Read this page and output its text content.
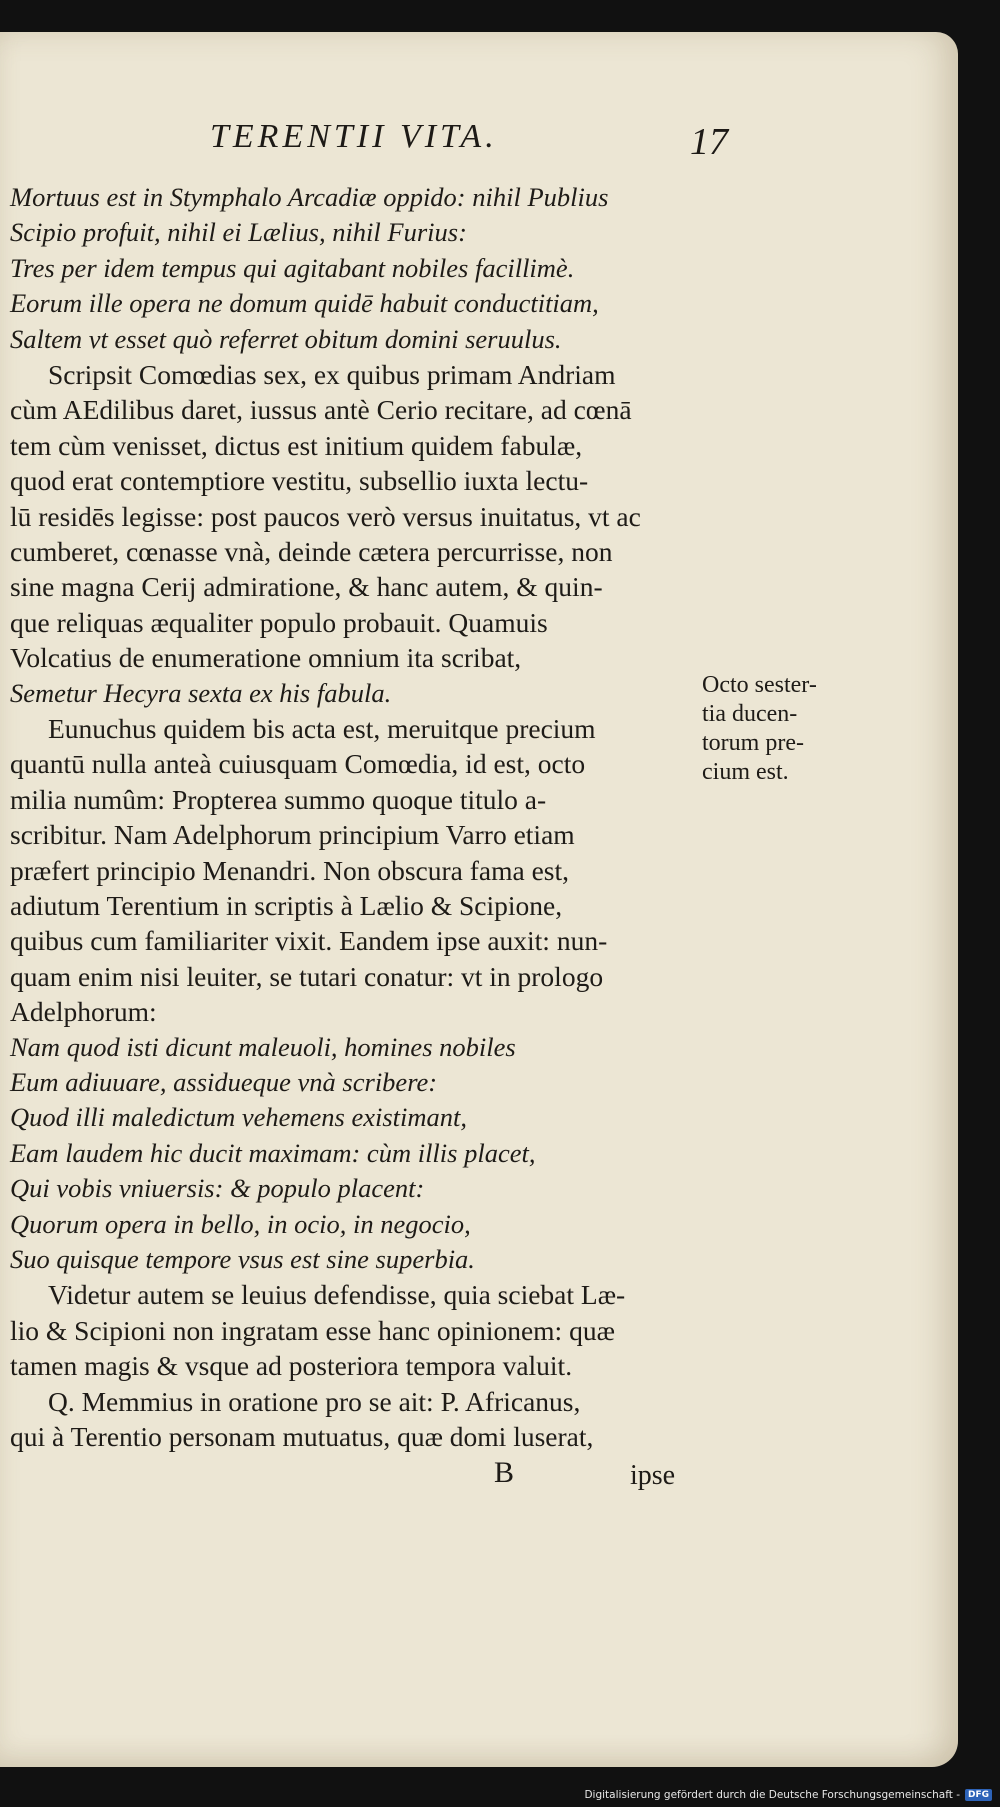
TERENTII VITA.	17
Mortuus est in Stymphalo Arcadiæ oppido: nihil Publius
Scipio profuit, nihil ei Lælius, nihil Furius:
Tres per idem tempus qui agitabant nobiles facillimè.
Eorum ille opera ne domum quidē habuit conductitiam,
Saltem vt esset quò referret obitum domini seruulus.
Scripsit Comœdias sex, ex quibus primam Andriam
cùm AEdilibus daret, iussus antè Cerio recitare, ad cœnā
tem cùm venisset, dictus est initium quidem fabulæ,
quod erat contemptiore vestitu, subsellio iuxta lectu-
lū residēs legisse: post paucos verò versus inuitatus, vt ac
cumberet, cœnasse vnà, deinde cætera percurrisse, non
sine magna Cerij admiratione, & hanc autem, & quin-
que reliquas æqualiter populo probauit. Quamuis
Volcatius de enumeratione omnium ita scribat,
Semetur Hecyra sexta ex his fabula.
Eunuchus quidem bis acta est, meruitque precium
quantū nulla anteà cuiusquam Comœdia, id est, octo
milia numûm: Propterea summo quoque titulo a-
scribitur. Nam Adelphorum principium Varro etiam
præfert principio Menandri. Non obscura fama est,
adiutum Terentium in scriptis à Lælio & Scipione,
quibus cum familiariter vixit. Eandem ipse auxit: nun-
quam enim nisi leuiter, se tutari conatur: vt in prologo
Adelphorum:
Nam quod isti dicunt maleuoli, homines nobiles
Eum adiuuare, assidueque vnà scribere:
Quod illi maledictum vehemens existimant,
Eam laudem hic ducit maximam: cùm illis placet,
Qui vobis vniuersis: & populo placent:
Quorum opera in bello, in ocio, in negocio,
Suo quisque tempore vsus est sine superbia.
Videtur autem se leuius defendisse, quia sciebat Læ-
lio & Scipioni non ingratam esse hanc opinionem: quæ
tamen magis & vsque ad posteriora tempora valuit.
Q. Memmius in oratione pro se ait: P. Africanus,
qui à Terentio personam mutuatus, quæ domi luserat,
Octo sester-
tia ducen-
torum pre-
cium est.
B	ipse
Digitalisierung gefördert durch die Deutsche Forschungsgemeinschaft - DFG
